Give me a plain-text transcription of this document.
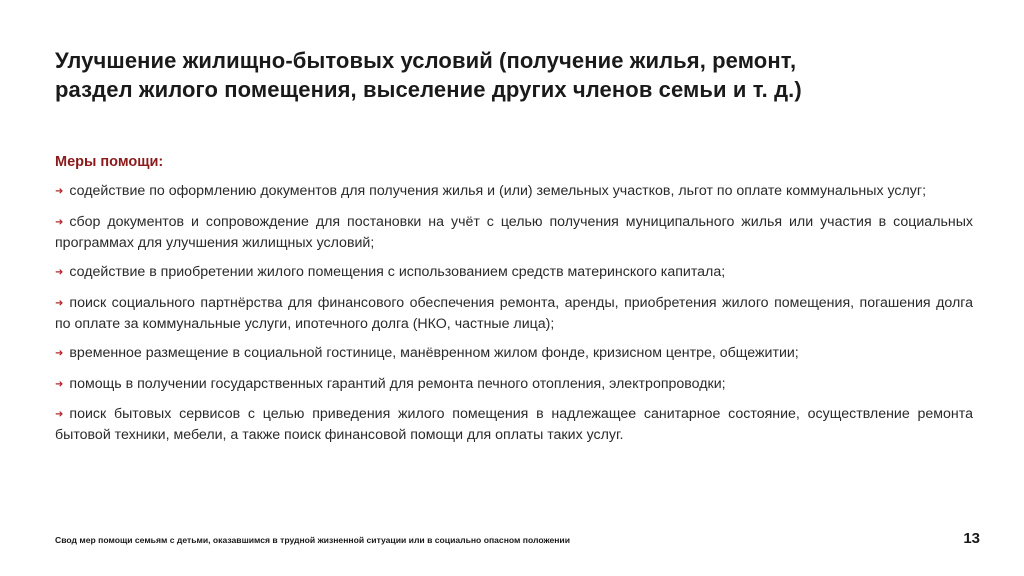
Улучшение жилищно-бытовых условий (получение жилья, ремонт,
раздел жилого помещения, выселение других членов семьи и т. д.)
Меры помощи:
➜ содействие по оформлению документов для получения жилья и (или) земельных участков, льгот по оплате коммунальных услуг;
➜ сбор документов и сопровождение для постановки на учёт с целью получения муниципального жилья или участия в социальных программах для улучшения жилищных условий;
➜ содействие в приобретении жилого помещения с использованием средств материнского капитала;
➜ поиск социального партнёрства для финансового обеспечения ремонта, аренды, приобретения жилого помещения, погашения долга по оплате за коммунальные услуги, ипотечного долга (НКО, частные лица);
➜ временное размещение в социальной гостинице, манёвренном жилом фонде, кризисном центре, общежитии;
➜ помощь в получении государственных гарантий для ремонта печного отопления, электропроводки;
➜ поиск бытовых сервисов с целью приведения жилого помещения в надлежащее санитарное состояние, осуществление ремонта бытовой техники, мебели, а также поиск финансовой помощи для оплаты таких услуг.
Свод мер помощи семьям с детьми, оказавшимся в трудной жизненной ситуации или в социально опасном положении	13
